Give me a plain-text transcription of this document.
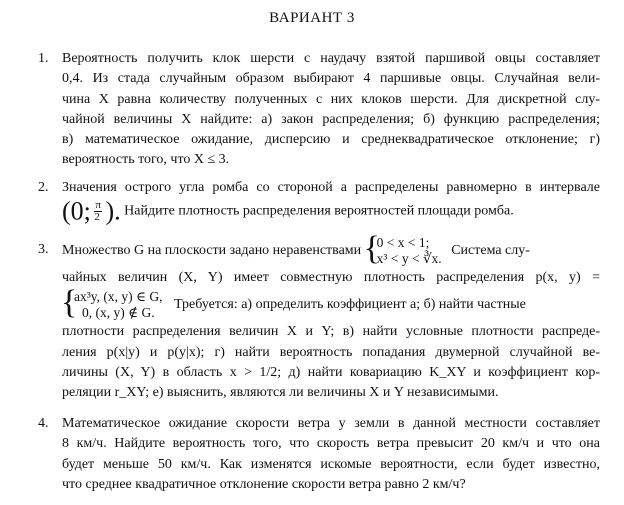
ВАРИАНТ 3
1. Вероятность получить клок шерсти с наудачу взятой паршивой овцы составляет
0,4. Из стада случайным образом выбирают 4 паршивые овцы. Случайная вели-
чина X равна количеству полученных с них клоков шерсти. Для дискретной слу-
чайной величины X найдите: а) закон распределения; б) функцию распределения;
в) математическое ожидание, дисперсию и среднеквадратическое отклонение; г)
вероятность того, что X ≤ 3.
2. Значения острого угла ромба со стороной a распределены равномерно в интервале
(0; $\frac{\pi}{2}$ ). Найдите плотность распределения вероятностей площади ромба.
3. Множество G на плоскости задано неравенствами
{ 0 < x < 1;
x³ < y < ∛x.
Система слу-
чайных величин (X, Y) имеет совместную плотность распределения p(x, y) =
{ ax³y, (x, y) ∈ G,
0, (x, y) ∉ G.
Требуется: а) определить коэффициент a; б) найти частные
плотности распределения величин X и Y; в) найти условные плотности распреде-
ления p(x|y) и p(y|x); г) найти вероятность попадания двумерной случайной ве-
личины (X, Y) в область x > 1/2; д) найти ковариацию K_XY и коэффициент кор-
реляции r_XY; е) выяснить, являются ли величины X и Y независимыми.
4. Математическое ожидание скорости ветра у земли в данной местности составляет
8 км/ч. Найдите вероятность того, что скорость ветра превысит 20 км/ч и что она
будет меньше 50 км/ч. Как изменятся искомые вероятности, если будет известно,
что среднее квадратичное отклонение скорости ветра равно 2 км/ч?
